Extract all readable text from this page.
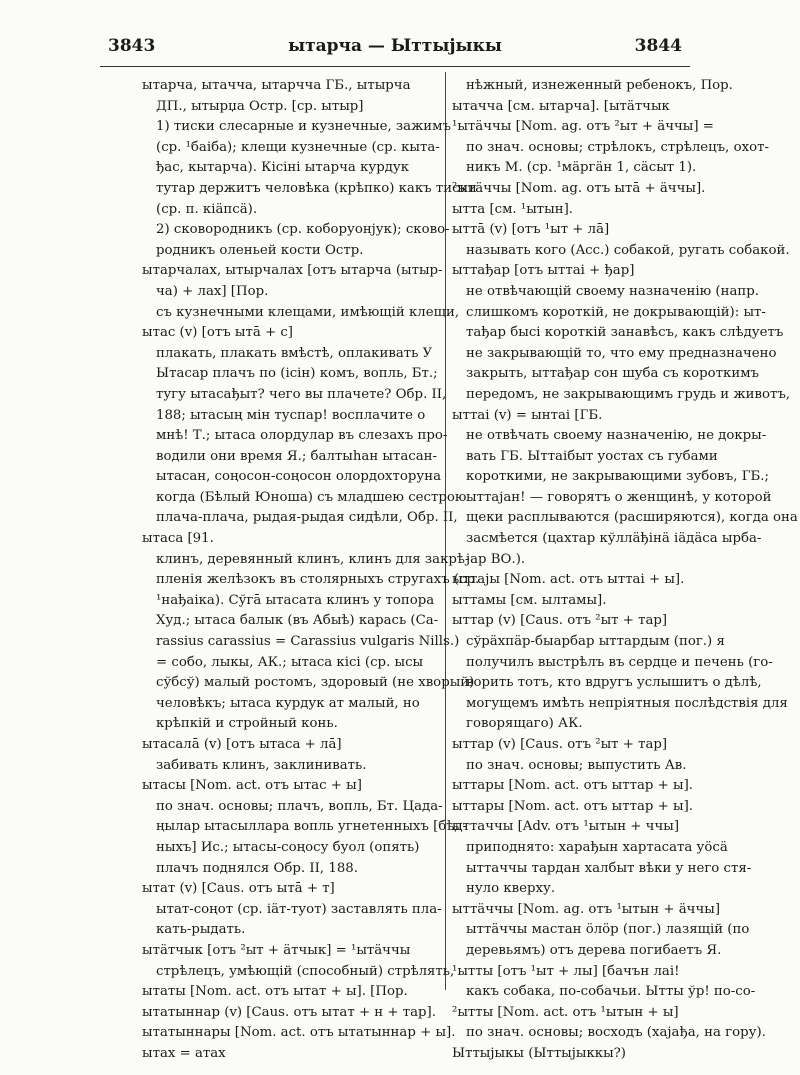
3843	ытарча — Ыттыjыкы	3844
ытарча, ытачча, ытарчча ГБ., ытырча
ДП., ытырџа Остр. [ср. ытыр]
1) тиски слесарные и кузнечные, зажимъ
(ср. ¹баiба); клещи кузнечные (ср. кыта-
ђас, кытарча). Кісіні ытарча курдук
тутар держитъ человѣка (крѣпко) какъ тиски
(ср. п. кіäпсä).
2) сковородникъ (ср. коборуонјук); сково-
родникъ оленьей кости Остр.
ытарчалах, ытырчалах [отъ ытарча (ытыр-
ча) + лах] [Пор.
съ кузнечными клещами, имѣющій клещи,
ытас (v) [отъ ытā + с]
плакать, плакать вмѣстѣ, оплакивать У
Ытасар плачъ по (ісін) комъ, вопль, Бт.;
тугу ытасађыт? чего вы плачете? Обр. II,
188; ытасың мін туспар! восплачите о
мнѣ! Т.; ытаса олордулар въ слезахъ про-
водили они время Я.; балтыһан ытасан-
ытасан, соңосон-соңосон олордохторуна
когда (Бѣлый Юноша) съ младшею сестрою
плача-плача, рыдая-рыдая сидѣли, Обр. II,
ытаса [91.
клинъ, деревянный клинъ, клинъ для закрѣ-
пленія желѣзокъ въ столярныхъ стругахъ (ср.
¹нађаiка). Сўгā ытасата клинъ у топора
Худ.; ытаса балык (въ Абыѣ) карась (Ca-
rassius carassius = Carassius vulgaris Nills.)
= собо, лыкы, АК.; ытаса кісі (ср. ысы
сўбсў) малый ростомъ, здоровый (не хворый)
человѣкъ; ытаса курдук ат малый, но
крѣпкій и стройный конь.
ытасалā (v) [отъ ытаса + лā]
забивать клинъ, заклинивать.
ытасы [Nom. act. отъ ытас + ы]
по знач. основы; плачъ, вопль, Бт. Цада-
ңылар ытасыллара вопль угнетенныхъ [бѣд-
ныхъ] Ис.; ытасы-соңосу буол (опять)
плачъ поднялся Обр. II, 188.
ытат (v) [Caus. отъ ытā + т]
ытат-соңот (ср. іäт-туот) заставлять пла-
кать-рыдать.
ытäтчык [отъ ²ыт + äтчык] = ¹ытäччы
стрѣлецъ, умѣющій (способный) стрѣлять,
ытаты [Nom. act. отъ ытат + ы]. [Пор.
ытатыннар (v) [Caus. отъ ытат + н + тар].
ытатыннары [Nom. act. отъ ытатыннар + ы].
ытах = атах
нѣжный, изнеженный ребенокъ, Пор.
ытачча [см. ытарча]. [ытäтчык
¹ытäччы [Nom. ag. отъ ²ыт + äччы] =
по знач. основы; стрѣлокъ, стрѣлецъ, охот-
никъ М. (ср. ¹мäргäн 1, сäсыт 1).
²ытäччы [Nom. ag. отъ ытā + äччы].
ытта [см. ¹ытын].
ыттā (v) [отъ ¹ыт + лā]
называть кого (Acc.) собакой, ругать собакой.
ыттађар [отъ ыттаi + ђар]
не отвѣчающій своему назначенію (напр.
слишкомъ короткій, не докрывающій): ыт-
тађар бысі короткій занавѣсъ, какъ слѣдуетъ
не закрывающій то, что ему предназначено
закрыть, ыттађар сон шуба съ короткимъ
передомъ, не закрывающимъ грудь и животъ,
ыттаi (v) = ынтаi [ГБ.
не отвѣчать своему назначенію, не докры-
вать ГБ. Ыттаiбыт уостах съ губами
короткими, не закрывающими зубовъ, ГБ.;
ыттаjан! — говорятъ о женщинѣ, у которой
щеки расплываются (расширяются), когда она
засмѣется (цахтар кўллäђінä іäдäса ырба-
jар ВО.).
ыттаjы [Nom. act. отъ ыттаi + ы].
ыттамы [см. ылтамы].
ыттар (v) [Caus. отъ ²ыт + тар]
сўрäхпäр-быарбар ыттардым (пог.) я
получилъ выстрѣлъ въ сердце и печень (го-
ворить тотъ, кто вдругъ услышитъ о дѣлѣ,
могущемъ имѣть непріятныя послѣдствія для
говорящаго) АК.
ыттар (v) [Caus. отъ ²ыт + тар]
по знач. основы; выпустить Ав.
ыттары [Nom. act. отъ ыттар + ы].
ыттары [Nom. act. отъ ыттар + ы].
ыттаччы [Adv. отъ ¹ытын + ччы]
приподнято: харађын хартасата уöсä
ыттаччы тардан халбыт вѣки у него стя-
нуло кверху.
ыттäччы [Nom. ag. отъ ¹ытын + äччы]
ыттäччы мастан öлöр (пог.) лазящій (по
деревьямъ) отъ дерева погибаетъ Я.
¹ытты [отъ ¹ыт + лы] [бачън лаi!
какъ собака, по-собачьи. Ытты ўр! по-со-
²ытты [Nom. act. отъ ¹ытын + ы]
по знач. основы; восходъ (хајађа, на гору).
Ыттыjыкы (Ыттыjыккы?)
